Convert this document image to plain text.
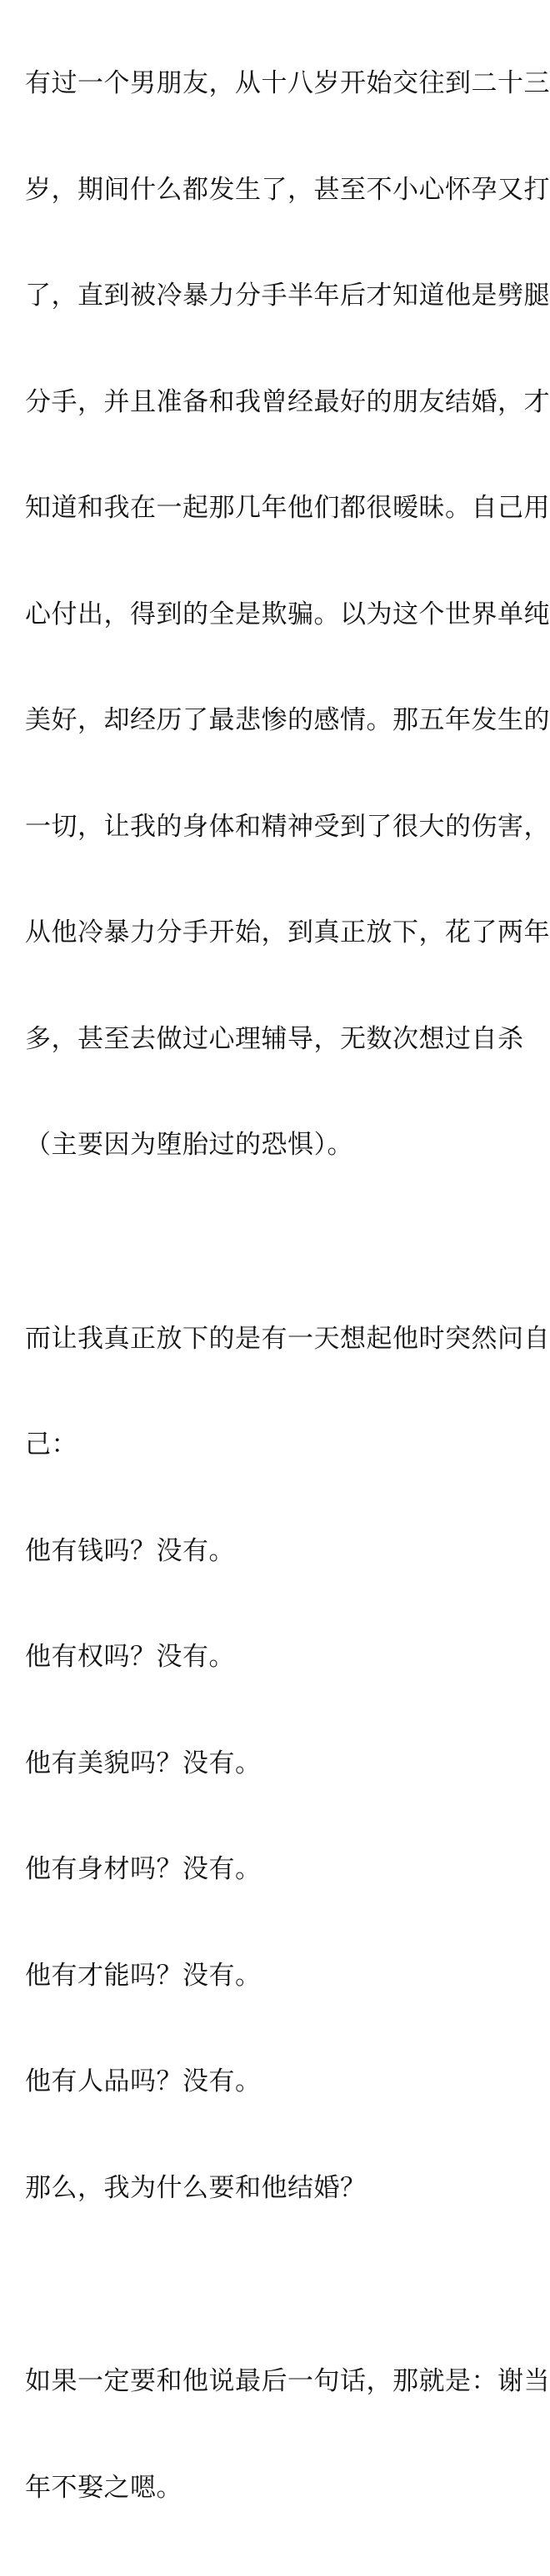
有过一个男朋友，从十八岁开始交往到二十三

岁，期间什么都发生了，甚至不小心怀孕又打

了，直到被冷暴力分手半年后才知道他是劈腿

分手，并且准备和我曾经最好的朋友结婚，才

知道和我在一起那几年他们都很暧昧。自己用

心付出，得到的全是欺骗。以为这个世界单纯

美好，却经历了最悲惨的感情。那五年发生的

一切，让我的身体和精神受到了很大的伤害，

从他冷暴力分手开始，到真正放下，花了两年

多，甚至去做过心理辅导，无数次想过自杀

（主要因为堕胎过的恐惧）。

而让我真正放下的是有一天想起他时突然问自

己：

他有钱吗？没有。

他有权吗？没有。

他有美貌吗？没有。

他有身材吗？没有。

他有才能吗？没有。

他有人品吗？没有。

那么，我为什么要和他结婚？

如果一定要和他说最后一句话，那就是：谢当

年不娶之嗯。
